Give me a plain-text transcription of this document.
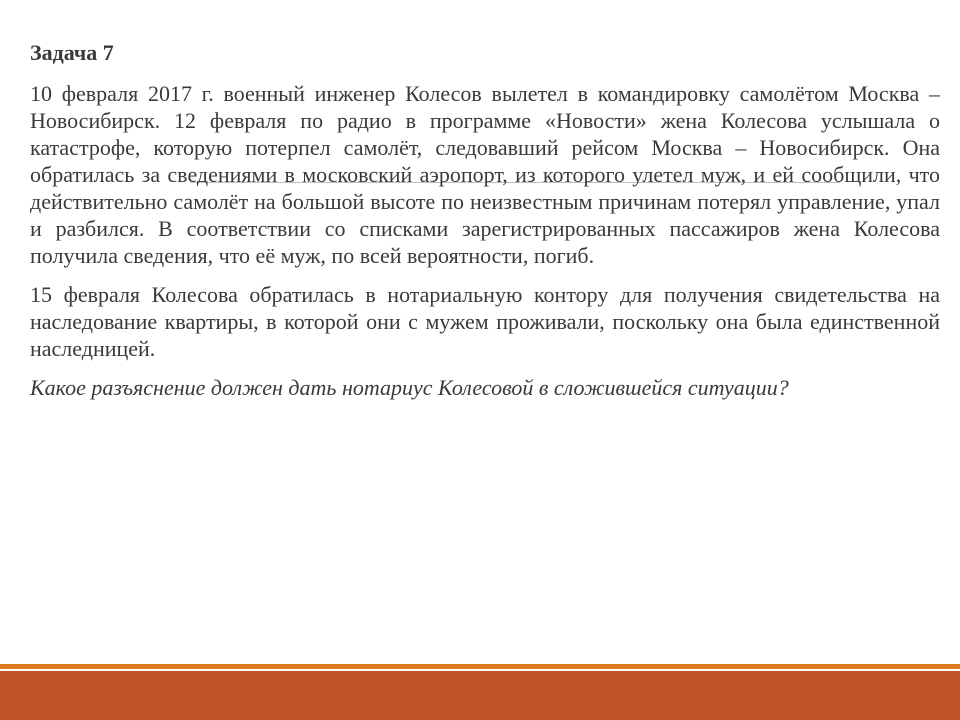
Задача 7

10 февраля 2017 г. военный инженер Колесов вылетел в командировку самолётом Москва – Новосибирск. 12 февраля по радио в программе «Новости» жена Колесова услышала о катастрофе, которую потерпел самолёт, следовавший рейсом Москва – Новосибирск. Она обратилась за сведениями в московский аэропорт, из которого улетел муж, и ей сообщили, что действительно самолёт на большой высоте по неизвестным причинам потерял управление, упал и разбился. В соответствии со списками зарегистрированных пассажиров жена Колесова получила сведения, что её муж, по всей вероятности, погиб.

15 февраля Колесова обратилась в нотариальную контору для получения свидетельства на наследование квартиры, в которой они с мужем проживали, поскольку она была единственной наследницей.

Какое разъяснение должен дать нотариус Колесовой в сложившейся ситуации?
